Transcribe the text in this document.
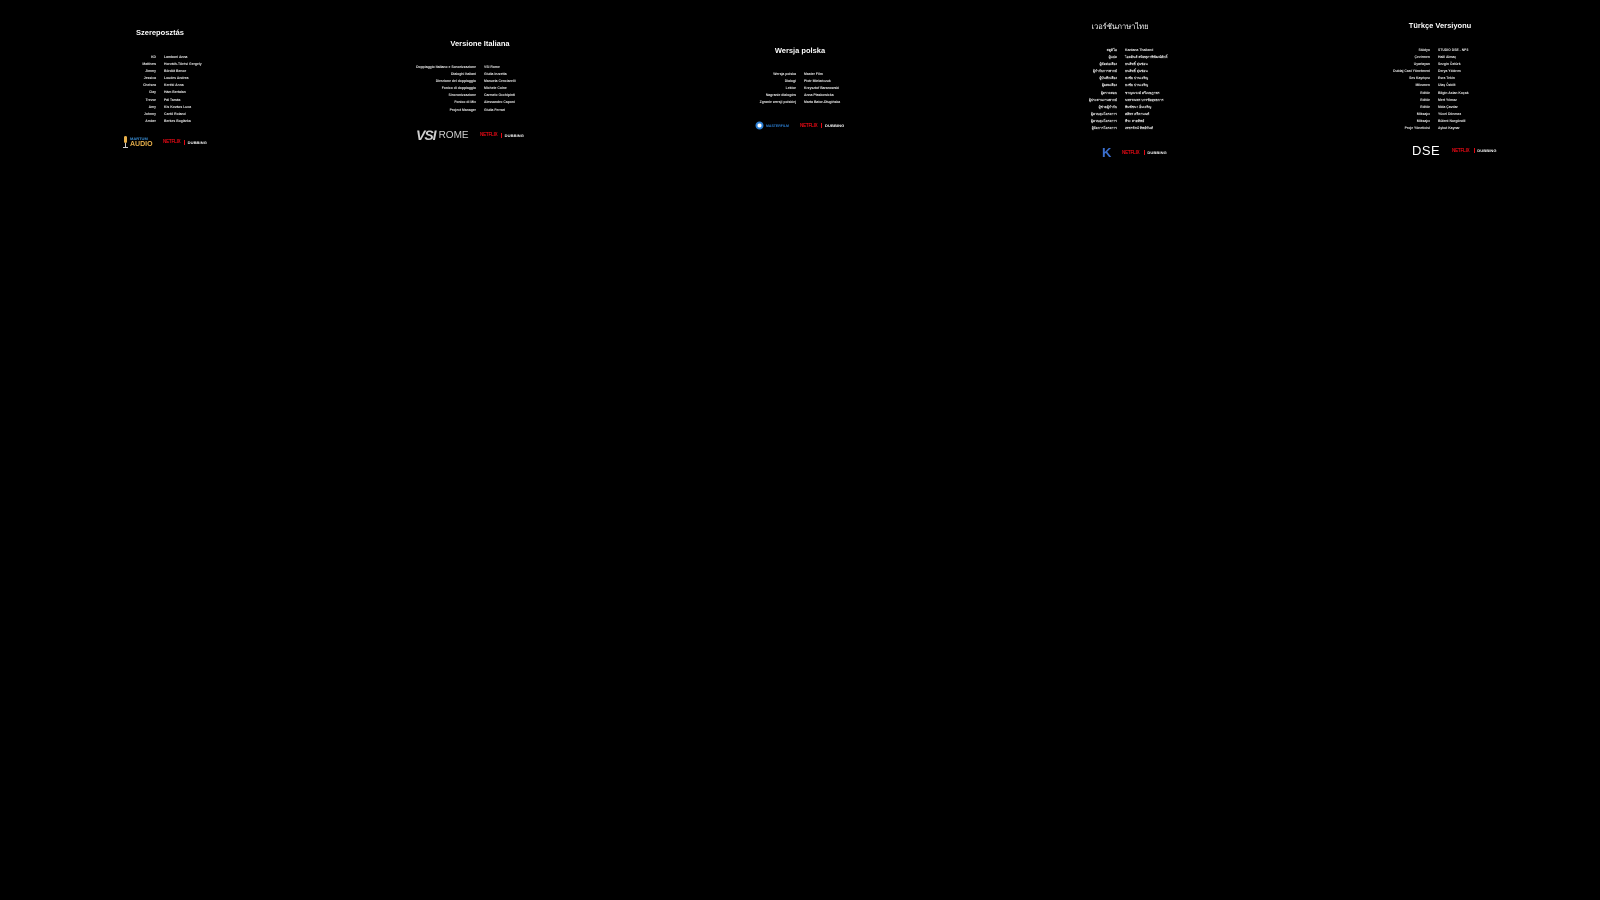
Szereposztás
KD Lamboni Anna
Matthew Horváth-Tőrési Gergely
Jimmy Bördöt Bence
Jessica Loudes Andrea
Chelsea Keréki Anna
Clay Hám Bertalan
Trevor Pál Tamás
Amy Kis Kovács Luca
Johnny Czető Roland
Amber Berkes Boglárka
MARTUM
AUDIO NETFLIX DUBBING
Versione Italiana
Doppiaggio Italiano e Sonorizzazione VSI Rome
Dialoghi Italiani Giulia Iezzetta
Direzione del doppiaggio Manuela Cenciarelli
Fonico di doppiaggio Michele Colne
Sincronizzazione Carmelo Occhipinti
Fonico di Mix Alessandro Caponi
Project Manager Giulia Ferrari
VSI ROME NETFLIX DUBBING
Wersja polska
Wersja polska Master Film
Dialogi Piotr Mielańczuk
Lektor Krzysztof Baranowski
Nagranie dialogów Anna Płaskowicka
Zgranie wersji polskiej Marta Bator-Długińska
MASTERFILM NETFLIX DUBBING
เวอร์ชันภาษาไทย
สตูดิโอ Kantana Thailand
ผู้แปล ไอลดินส์ สนิทสุภาพิพัฒน์ศักดิ์
ผู้ตัดต่อเสียง ธนสิทธิ์ ยุ่นช่อน
ผู้กำกับการพากย์ ธนสิทธิ์ ยุ่นช่อน
ผู้บันทึกเสียง ธงชัย ปานเจริญ
ผู้ผสมเสียง ธงชัย ปานเจริญ
ผู้ตรวจสอบ ชาญณรงค์ ศรีเจษฎาพร
ผู้ประสานงานพากย์ นพรรณพร บวรชัยยุทธการ
ผู้ช่วยผู้กำกับ พิมพ์ชนา อิ่มเจริญ
ผู้ควบคุมโครงการ ศศิพร ศรีตานนท์
ผู้ควบคุมโครงการ พีระ สายทิพย์
ผู้จัดการโครงการ เพชรรัตน์ ทิพย์ทันท์
K NETFLIX DUBBING
Türkçe Versiyonu
Stüdyo STUDIO DSE - NP3
Çevirmen Halil Almaç
Uyarlayan Sezgin Öztürk
Dublaj Cast Yönetmeni Derya Yıldırım
Ses Kayıtçısı Esra Tekin
Miksmen Ulaş Özbilt
Editör Bilgin Aslan Koçak
Editör Mert Yılmaz
Editör Nida Çavdar
Miksajcı Yücel Dönmez
Miksajcı Bülent Nurgöndil
Proje Yöneticisi Aykut Kaynar
DSE NETFLIX DUBBING
